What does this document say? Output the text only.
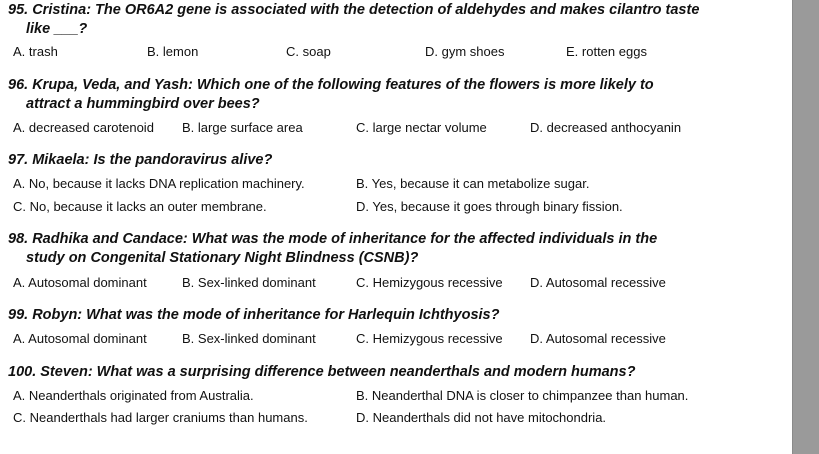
95. Cristina: The OR6A2 gene is associated with the detection of aldehydes and makes cilantro taste
like ___?
A. trash	B. lemon	C. soap	D. gym shoes	E. rotten eggs
96. Krupa, Veda, and Yash: Which one of the following features of the flowers is more likely to
attract a hummingbird over bees?
A. decreased carotenoid B. large surface area	C. large nectar volume	D. decreased anthocyanin
97. Mikaela: Is the pandoravirus alive?
A. No, because it lacks DNA replication machinery.	B. Yes, because it can metabolize sugar.
C. No, because it lacks an outer membrane.	D. Yes, because it goes through binary fission.
98. Radhika and Candace: What was the mode of inheritance for the affected individuals in the
study on Congenital Stationary Night Blindness (CSNB)?
A. Autosomal dominant	B. Sex-linked dominant	C. Hemizygous recessive D. Autosomal recessive
99. Robyn: What was the mode of inheritance for Harlequin Ichthyosis?
A. Autosomal dominant	B. Sex-linked dominant	C. Hemizygous recessive D. Autosomal recessive
100. Steven: What was a surprising difference between neanderthals and modern humans?
A. Neanderthals originated from Australia.	B. Neanderthal DNA is closer to chimpanzee than human.
C. Neanderthals had larger craniums than humans.	D. Neanderthals did not have mitochondria.
